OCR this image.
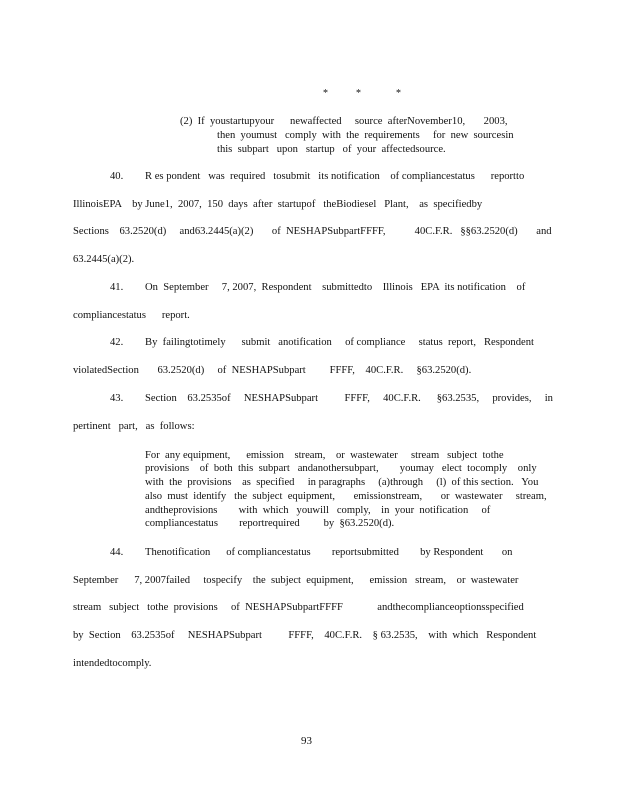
*	*	*
(2)  If  youstartupyour      newaffected     source  afterNovember10,       2003,
then  youmust   comply  with  the  requirements     for  new  sourcesin
this  subpart   upon   startup   of  your  affectedsource.
40. R es pondent   was  required   tosubmit   its notification    of compliancestatus      reportto
IllinoisEPA    by June1,  2007,  150  days  after  startupof   theBiodiesel   Plant,    as  specifiedby
Sections    63.2520(d)     and63.2445(a)(2)       of  NESHAPSubpartFFFF,           40C.F.R.   §§63.2520(d)       and
63.2445(a)(2).
41. On  September     7, 2007,  Respondent    submittedto    Illinois   EPA  its notification    of
compliancestatus      report.
42. By  failingtotimely      submit   anotification     of compliance     status  report,   Respondent
violatedSection       63.2520(d)     of  NESHAPSubpart         FFFF,    40C.F.R.     §63.2520(d).
43. Section    63.2535of     NESHAPSubpart          FFFF,     40C.F.R.      §63.2535,     provides,     in
pertinent   part,   as  follows:
For  any equipment,      emission    stream,    or  wastewater     stream   subject  tothe
provisions    of  both  this  subpart   andanothersubpart,        youmay   elect  tocomply    only
with  the  provisions    as  specified     in paragraphs     (a)through     (l)  of this section.   You
also  must  identify   the  subject  equipment,       emissionstream,       or  wastewater     stream,
andtheprovisions        with  which   youwill   comply,    in  your  notification     of
compliancestatus        reportrequired         by  §63.2520(d).
44. Thenotification      of compliancestatus        reportsubmitted        by Respondent       on
September      7, 2007failed     tospecify    the  subject  equipment,      emission   stream,    or  wastewater
stream   subject   tothe  provisions     of  NESHAPSubpartFFFF             andthecomplianceoptionsspecified
by  Section    63.2535of     NESHAPSubpart          FFFF,    40C.F.R.    § 63.2535,    with  which   Respondent
intendedtocomply.
93
